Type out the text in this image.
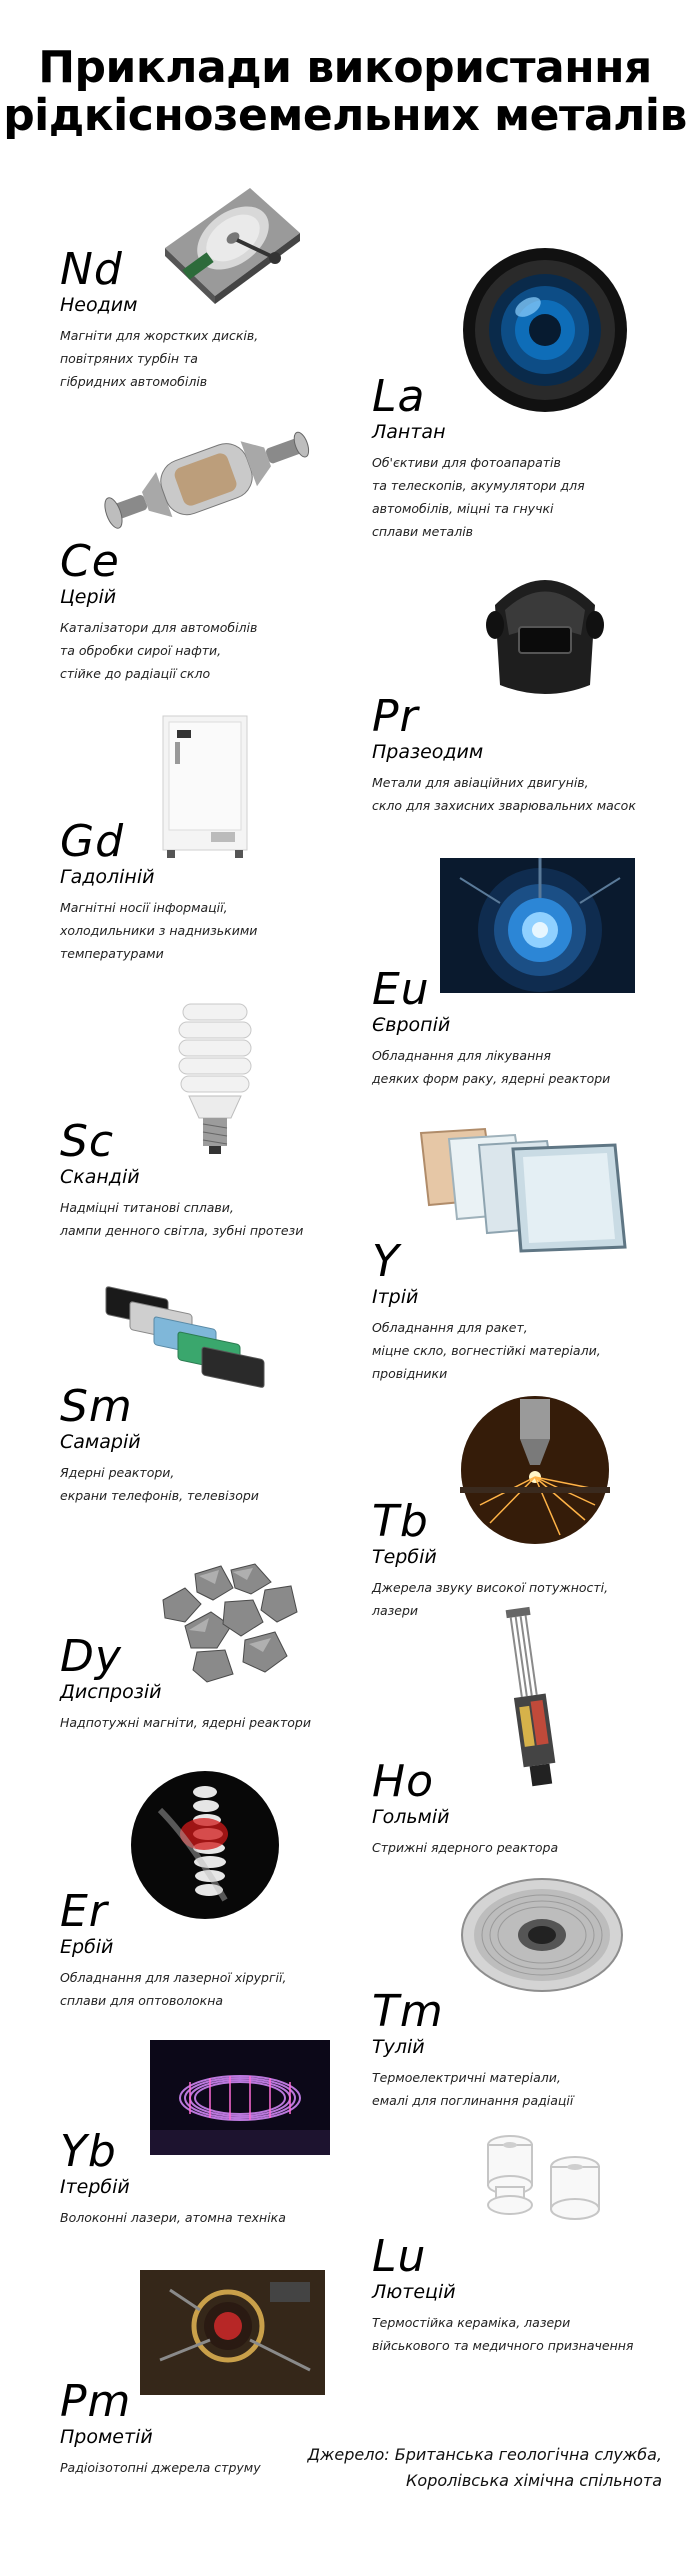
Приклади використання
рідкісноземельних металів
Nd
Неодим
Магніти для жорстких дисків,
повітряних турбін та
гібридних автомобілів	La
Лантан
Об'єктиви для фотоапаратів
та телескопів, акумулятори для
автомобілів, міцні та гнучкі
сплави металів
Ce
Церій
Каталізатори для автомобілів
та обробки сирої нафти,
стійке до радіації скло
Pr
Празеодим
Метали для авіаційних двигунів,
скло для захисних зварювальних масок
Gd
Гадоліній
Магнітні носії інформації,
холодильники з наднизькими
температурами
Eu
Європій
Обладнання для лікування
деяких форм раку, ядерні реактори
Sc
Скандій
Надміцні титанові сплави,
лампи денного світла, зубні протези
Y
Ітрій
Обладнання для ракет,
міцне скло, вогнестійкі матеріали,
провідники
Sm
Самарій
Ядерні реактори,
екрани телефонів, телевізори
Tb
Тербій
Джерела звуку високої потужності,
лазери
Dy
Диспрозій
Надпотужні магніти, ядерні реактори
Ho
Гольмій
Стрижні ядерного реактора
Er
Ербій
Обладнання для лазерної хірургії,
сплави для оптоволокна	Tm
Тулій
Термоелектричні матеріали,
емалі для поглинання радіації
Yb
Ітербій
Волоконні лазери, атомна техніка
Lu
Лютецій
Термостійка кераміка, лазери
військового та медичного призначення
Pm
Прометій
Радіоізотопні джерела струму
Джерело: Британська геологічна служба,
Королівська хімічна спільнота
